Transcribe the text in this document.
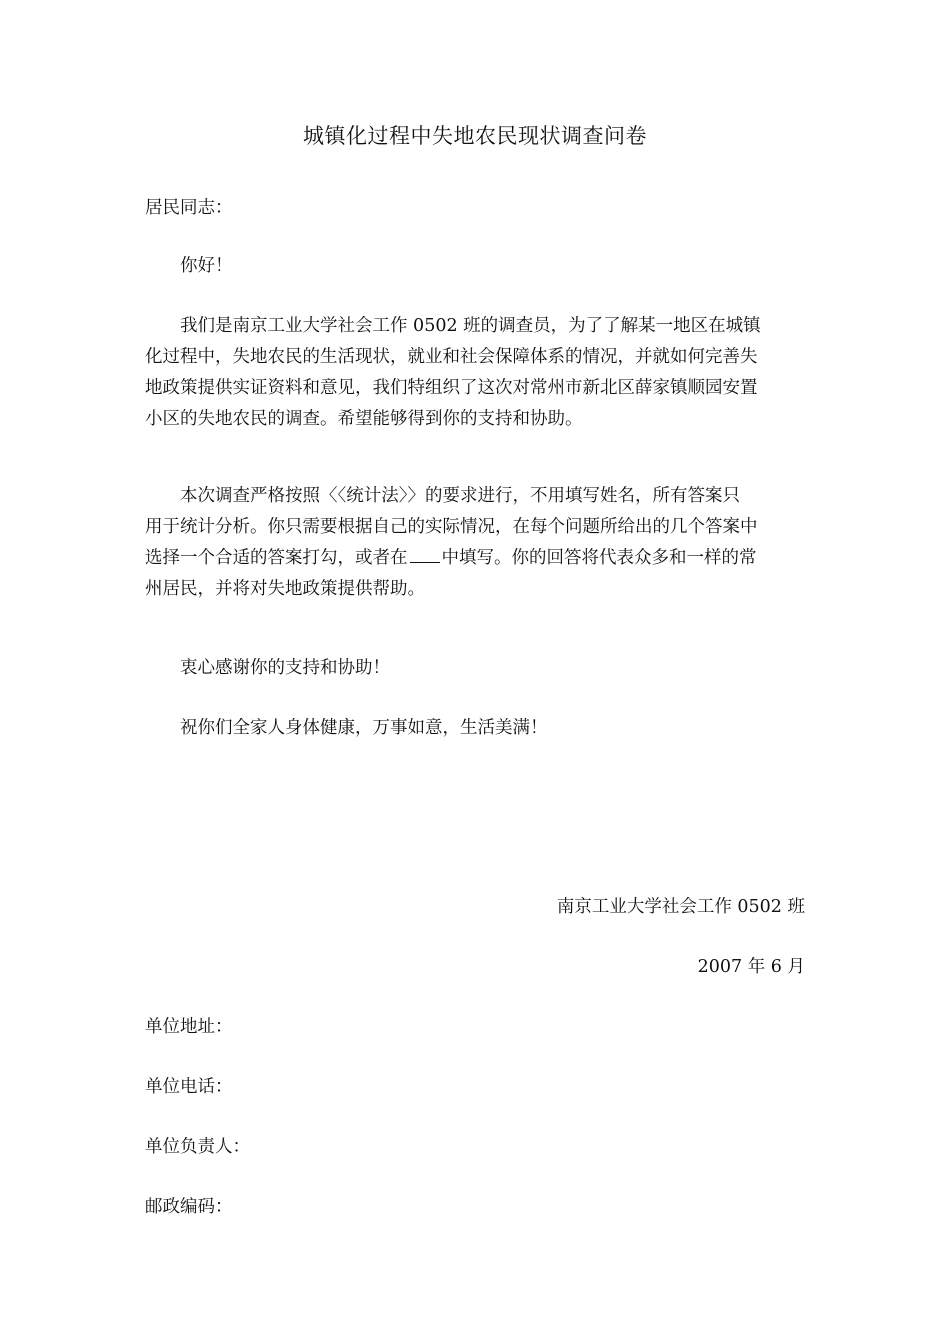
城镇化过程中失地农民现状调查问卷
居民同志：
你好！
我们是南京工业大学社会工作 0502 班的调查员，为了了解某一地区在城镇
化过程中，失地农民的生活现状，就业和社会保障体系的情况，并就如何完善失
地政策提供实证资料和意见，我们特组织了这次对常州市新北区薛家镇顺园安置
小区的失地农民的调查。希望能够得到你的支持和协助。
本次调查严格按照〈〈统计法〉〉的要求进行，不用填写姓名，所有答案只
用于统计分析。你只需要根据自己的实际情况，在每个问题所给出的几个答案中
选择一个合适的答案打勾，或者在 中填写。你的回答将代表众多和一样的常
州居民，并将对失地政策提供帮助。
衷心感谢你的支持和协助！
祝你们全家人身体健康，万事如意，生活美满！
南京工业大学社会工作 0502 班
2007 年 6 月
单位地址：
单位电话：
单位负责人：
邮政编码：
